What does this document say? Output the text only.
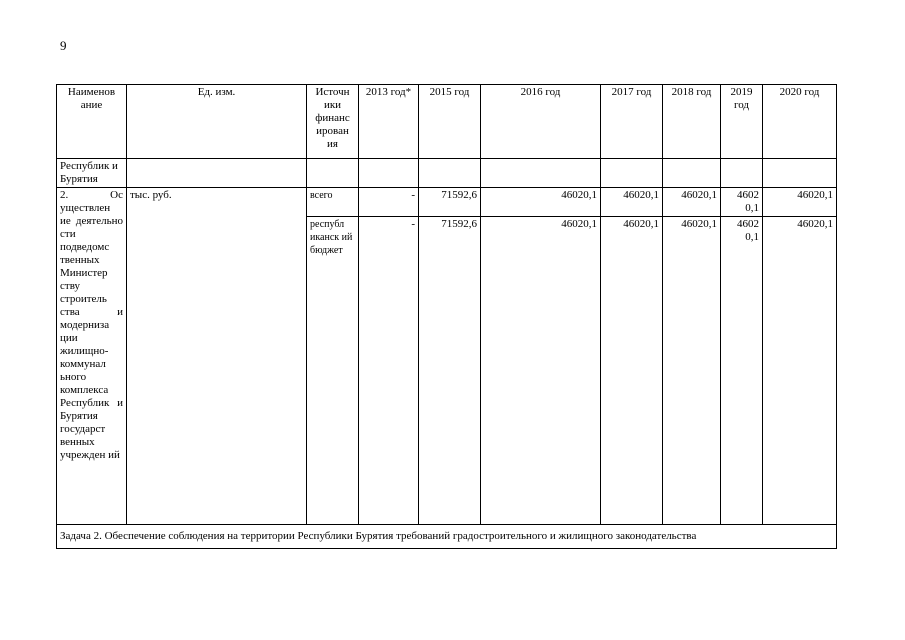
9
Наименов ание	Ед. изм.	Источн ики финанс ирован ия	2013 год*	2015 год	2016 год	2017 год	2018 год	2019 год	2020 год
Республик и Бурятия									
2. Ос уществлен ие деятельно сти подведомс твенных Министер ству строитель ства и модерниза ции жилищно-коммунал ьного комплекса Республик и Бурятия государст венных учрежден ий	тыс. руб.	всего	-	71592,6	46020,1	46020,1	46020,1	4602 0,1	46020,1
		республ иканск ий бюджет	-	71592,6	46020,1	46020,1	46020,1	4602 0,1	46020,1
Задача 2. Обеспечение соблюдения на территории Республики Бурятия требований градостроительного и жилищного законодательства									
